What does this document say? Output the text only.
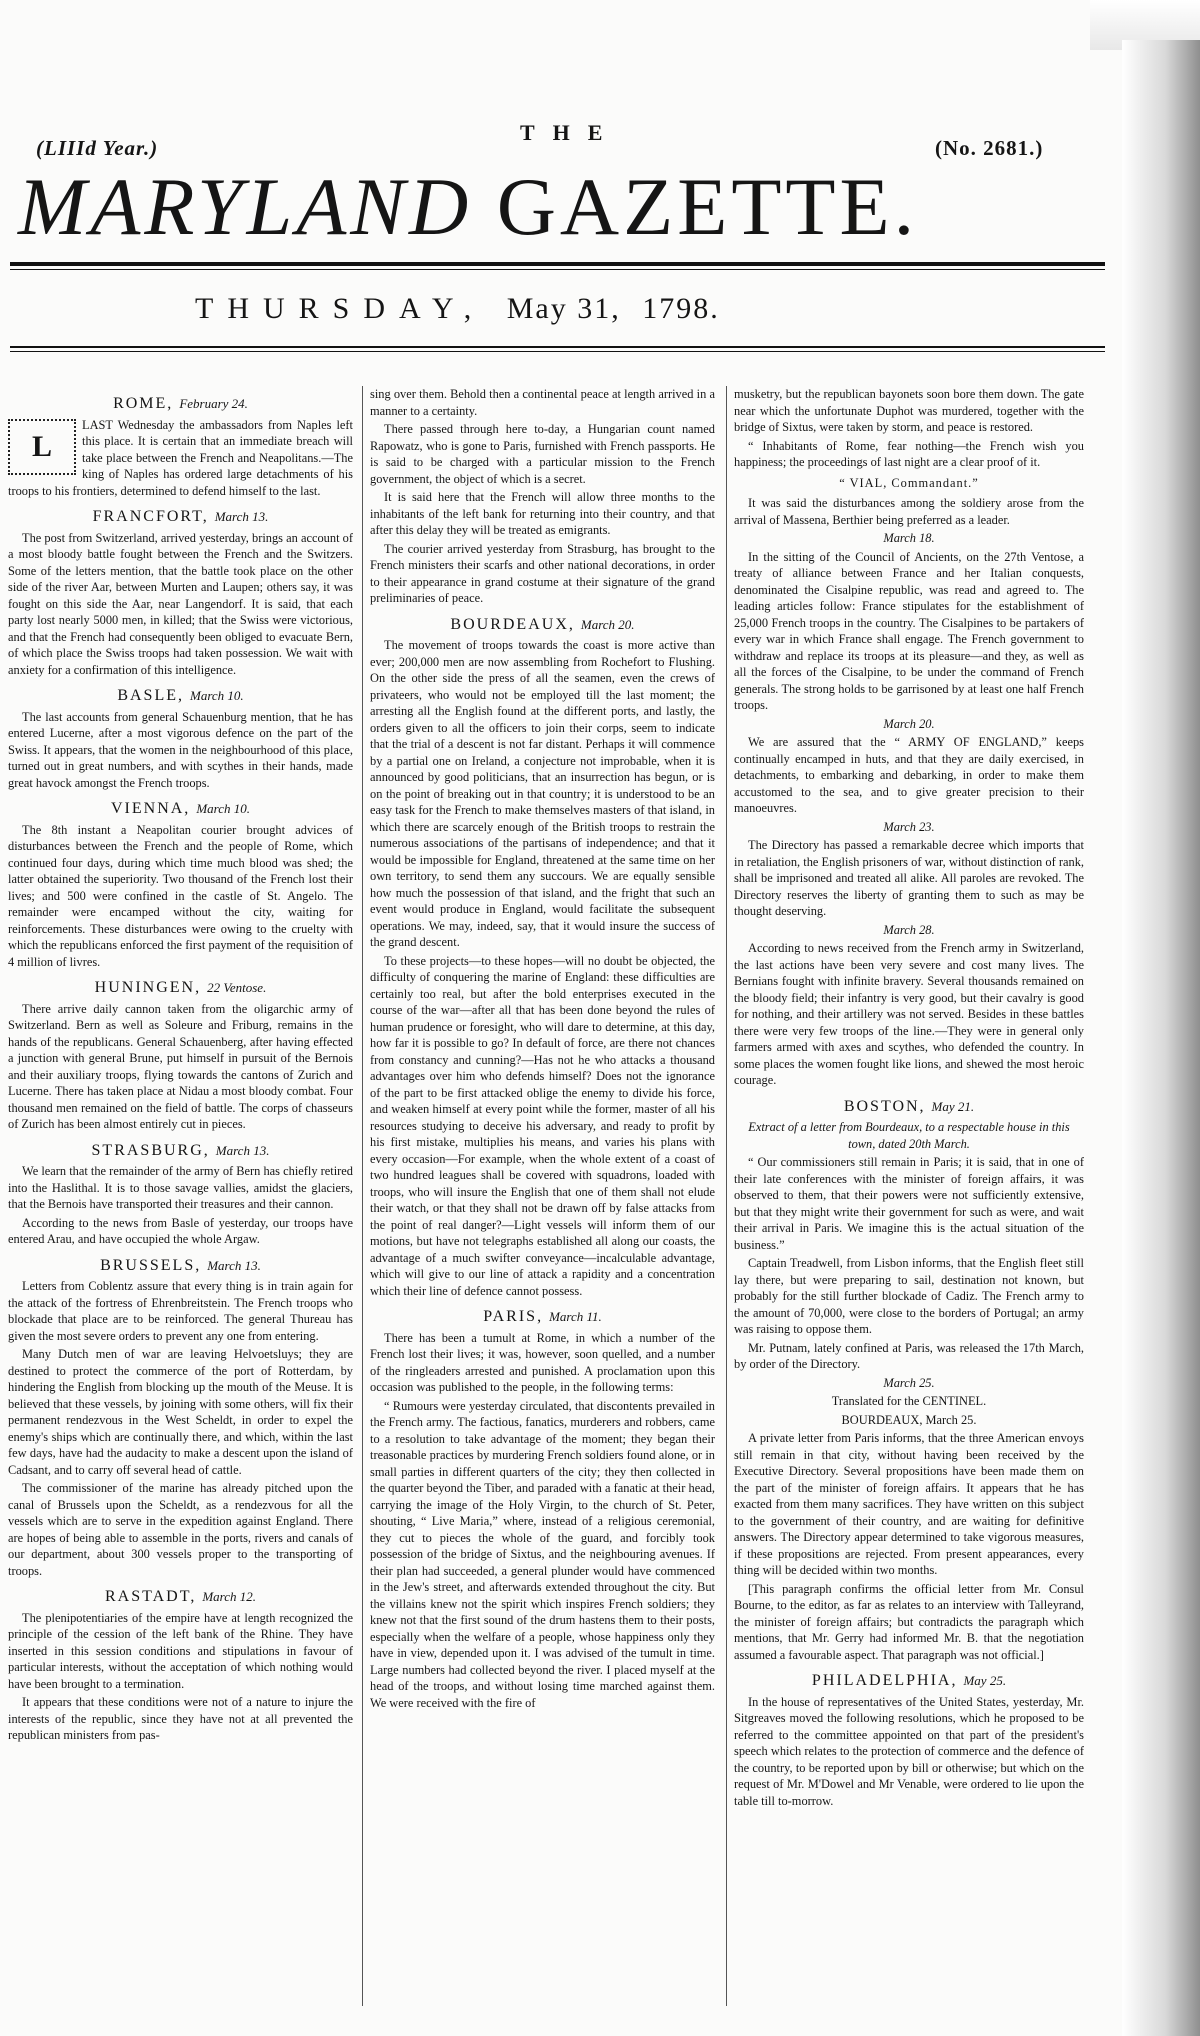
(LIIId Year.)
THE
(No. 2681.)
MARYLAND GAZETTE.
THURSDAY, May 31, 1798.
ROME, February 24.
L

LAST Wednesday the ambassadors from Naples left this place. It is certain that an immediate breach will take place between the French and Neapolitans.—The king of Naples has ordered large detachments of his troops to his frontiers, determined to defend himself to the last.

FRANCFORT, March 13.

The post from Switzerland, arrived yesterday, brings an account of a most bloody battle fought between the French and the Switzers. Some of the letters mention, that the battle took place on the other side of the river Aar, between Murten and Laupen; others say, it was fought on this side the Aar, near Langendorf. It is said, that each party lost nearly 5000 men, in killed; that the Swiss were victorious, and that the French had consequently been obliged to evacuate Bern, of which place the Swiss troops had taken possession. We wait with anxiety for a confirmation of this intelligence.

BASLE, March 10.

The last accounts from general Schauenburg mention, that he has entered Lucerne, after a most vigorous defence on the part of the Swiss. It appears, that the women in the neighbourhood of this place, turned out in great numbers, and with scythes in their hands, made great havock amongst the French troops.

VIENNA, March 10.

The 8th instant a Neapolitan courier brought advices of disturbances between the French and the people of Rome, which continued four days, during which time much blood was shed; the latter obtained the superiority. Two thousand of the French lost their lives; and 500 were confined in the castle of St. Angelo. The remainder were encamped without the city, waiting for reinforcements. These disturbances were owing to the cruelty with which the republicans enforced the first payment of the requisition of 4 million of livres.

HUNINGEN, 22 Ventose.

There arrive daily cannon taken from the oligarchic army of Switzerland. Bern as well as Soleure and Friburg, remains in the hands of the republicans. General Schauenberg, after having effected a junction with general Brune, put himself in pursuit of the Bernois and their auxiliary troops, flying towards the cantons of Zurich and Lucerne. There has taken place at Nidau a most bloody combat. Four thousand men remained on the field of battle. The corps of chasseurs of Zurich has been almost entirely cut in pieces.

STRASBURG, March 13.

We learn that the remainder of the army of Bern has chiefly retired into the Haslithal. It is to those savage vallies, amidst the glaciers, that the Bernois have transported their treasures and their cannon.

According to the news from Basle of yesterday, our troops have entered Arau, and have occupied the whole Argaw.

BRUSSELS, March 13.

Letters from Coblentz assure that every thing is in train again for the attack of the fortress of Ehrenbreitstein. The French troops who blockade that place are to be reinforced. The general Thureau has given the most severe orders to prevent any one from entering.

Many Dutch men of war are leaving Helvoetsluys; they are destined to protect the commerce of the port of Rotterdam, by hindering the English from blocking up the mouth of the Meuse. It is believed that these vessels, by joining with some others, will fix their permanent rendezvous in the West Scheldt, in order to expel the enemy's ships which are continually there, and which, within the last few days, have had the audacity to make a descent upon the island of Cadsant, and to carry off several head of cattle.

The commissioner of the marine has already pitched upon the canal of Brussels upon the Scheldt, as a rendezvous for all the vessels which are to serve in the expedition against England. There are hopes of being able to assemble in the ports, rivers and canals of our department, about 300 vessels proper to the transporting of troops.

RASTADT, March 12.

The plenipotentiaries of the empire have at length recognized the principle of the cession of the left bank of the Rhine. They have inserted in this session conditions and stipulations in favour of particular interests, without the acceptation of which nothing would have been brought to a termination.

It appears that these conditions were not of a nature to injure the interests of the republic, since they have not at all prevented the republican ministers from pas-

sing over them. Behold then a continental peace at length arrived in a manner to a certainty.

There passed through here to-day, a Hungarian count named Rapowatz, who is gone to Paris, furnished with French passports. He is said to be charged with a particular mission to the French government, the object of which is a secret.

It is said here that the French will allow three months to the inhabitants of the left bank for returning into their country, and that after this delay they will be treated as emigrants.

The courier arrived yesterday from Strasburg, has brought to the French ministers their scarfs and other national decorations, in order to their appearance in grand costume at their signature of the grand preliminaries of peace.

BOURDEAUX, March 20.

The movement of troops towards the coast is more active than ever; 200,000 men are now assembling from Rochefort to Flushing. On the other side the press of all the seamen, even the crews of privateers, who would not be employed till the last moment; the arresting all the English found at the different ports, and lastly, the orders given to all the officers to join their corps, seem to indicate that the trial of a descent is not far distant. Perhaps it will commence by a partial one on Ireland, a conjecture not improbable, when it is announced by good politicians, that an insurrection has begun, or is on the point of breaking out in that country; it is understood to be an easy task for the French to make themselves masters of that island, in which there are scarcely enough of the British troops to restrain the numerous associations of the partisans of independence; and that it would be impossible for England, threatened at the same time on her own territory, to send them any succours. We are equally sensible how much the possession of that island, and the fright that such an event would produce in England, would facilitate the subsequent operations. We may, indeed, say, that it would insure the success of the grand descent.

To these projects—to these hopes—will no doubt be objected, the difficulty of conquering the marine of England: these difficulties are certainly too real, but after the bold enterprises executed in the course of the war—after all that has been done beyond the rules of human prudence or foresight, who will dare to determine, at this day, how far it is possible to go? In default of force, are there not chances from constancy and cunning?—Has not he who attacks a thousand advantages over him who defends himself? Does not the ignorance of the part to be first attacked oblige the enemy to divide his force, and weaken himself at every point while the former, master of all his resources studying to deceive his adversary, and ready to profit by his first mistake, multiplies his means, and varies his plans with every occasion—For example, when the whole extent of a coast of two hundred leagues shall be covered with squadrons, loaded with troops, who will insure the English that one of them shall not elude their watch, or that they shall not be drawn off by false attacks from the point of real danger?—Light vessels will inform them of our motions, but have not telegraphs established all along our coasts, the advantage of a much swifter conveyance—incalculable advantage, which will give to our line of attack a rapidity and a concentration which their line of defence cannot possess.

PARIS, March 11.

There has been a tumult at Rome, in which a number of the French lost their lives; it was, however, soon quelled, and a number of the ringleaders arrested and punished. A proclamation upon this occasion was published to the people, in the following terms:

“ Rumours were yesterday circulated, that discontents prevailed in the French army. The factious, fanatics, murderers and robbers, came to a resolution to take advantage of the moment; they began their treasonable practices by murdering French soldiers found alone, or in small parties in different quarters of the city; they then collected in the quarter beyond the Tiber, and paraded with a fanatic at their head, carrying the image of the Holy Virgin, to the church of St. Peter, shouting, “ Live Maria,” where, instead of a religious ceremonial, they cut to pieces the whole of the guard, and forcibly took possession of the bridge of Sixtus, and the neighbouring avenues. If their plan had succeeded, a general plunder would have commenced in the Jew's street, and afterwards extended throughout the city. But the villains knew not the spirit which inspires French soldiers; they knew not that the first sound of the drum hastens them to their posts, especially when the welfare of a people, whose happiness only they have in view, depended upon it. I was advised of the tumult in time. Large numbers had collected beyond the river. I placed myself at the head of the troops, and without losing time marched against them. We were received with the fire of

musketry, but the republican bayonets soon bore them down. The gate near which the unfortunate Duphot was murdered, together with the bridge of Sixtus, were taken by storm, and peace is restored.

“ Inhabitants of Rome, fear nothing—the French wish you happiness; the proceedings of last night are a clear proof of it.

“ VIAL, Commandant.”

It was said the disturbances among the soldiery arose from the arrival of Massena, Berthier being preferred as a leader.

March 18.

In the sitting of the Council of Ancients, on the 27th Ventose, a treaty of alliance between France and her Italian conquests, denominated the Cisalpine republic, was read and agreed to. The leading articles follow: France stipulates for the establishment of 25,000 French troops in the country. The Cisalpines to be partakers of every war in which France shall engage. The French government to withdraw and replace its troops at its pleasure—and they, as well as all the forces of the Cisalpine, to be under the command of French generals. The strong holds to be garrisoned by at least one half French troops.

March 20.

We are assured that the “ ARMY OF ENGLAND,” keeps continually encamped in huts, and that they are daily exercised, in detachments, to embarking and debarking, in order to make them accustomed to the sea, and to give greater precision to their manoeuvres.

March 23.

The Directory has passed a remarkable decree which imports that in retaliation, the English prisoners of war, without distinction of rank, shall be imprisoned and treated all alike. All paroles are revoked. The Directory reserves the liberty of granting them to such as may be thought deserving.

March 28.

According to news received from the French army in Switzerland, the last actions have been very severe and cost many lives. The Bernians fought with infinite bravery. Several thousands remained on the bloody field; their infantry is very good, but their cavalry is good for nothing, and their artillery was not served. Besides in these battles there were very few troops of the line.—They were in general only farmers armed with axes and scythes, who defended the country. In some places the women fought like lions, and shewed the most heroic courage.

BOSTON, May 21.
Extract of a letter from Bourdeaux, to a respectable house in this town, dated 20th March.

“ Our commissioners still remain in Paris; it is said, that in one of their late conferences with the minister of foreign affairs, it was observed to them, that their powers were not sufficiently extensive, but that they might write their government for such as were, and wait their arrival in Paris. We imagine this is the actual situation of the business.”

Captain Treadwell, from Lisbon informs, that the English fleet still lay there, but were preparing to sail, destination not known, but probably for the still further blockade of Cadiz. The French army to the amount of 70,000, were close to the borders of Portugal; an army was raising to oppose them.

Mr. Putnam, lately confined at Paris, was released the 17th March, by order of the Directory.

March 25.
Translated for the CENTINEL.
BOURDEAUX, March 25.

A private letter from Paris informs, that the three American envoys still remain in that city, without having been received by the Executive Directory. Several propositions have been made them on the part of the minister of foreign affairs. It appears that he has exacted from them many sacrifices. They have written on this subject to the government of their country, and are waiting for definitive answers. The Directory appear determined to take vigorous measures, if these propositions are rejected. From present appearances, every thing will be decided within two months.

[This paragraph confirms the official letter from Mr. Consul Bourne, to the editor, as far as relates to an interview with Talleyrand, the minister of foreign affairs; but contradicts the paragraph which mentions, that Mr. Gerry had informed Mr. B. that the negotiation assumed a favourable aspect. That paragraph was not official.]

PHILADELPHIA, May 25.

In the house of representatives of the United States, yesterday, Mr. Sitgreaves moved the following resolutions, which he proposed to be referred to the committee appointed on that part of the president's speech which relates to the protection of commerce and the defence of the country, to be reported upon by bill or otherwise; but which on the request of Mr. M'Dowel and Mr Venable, were ordered to lie upon the table till to-morrow.
